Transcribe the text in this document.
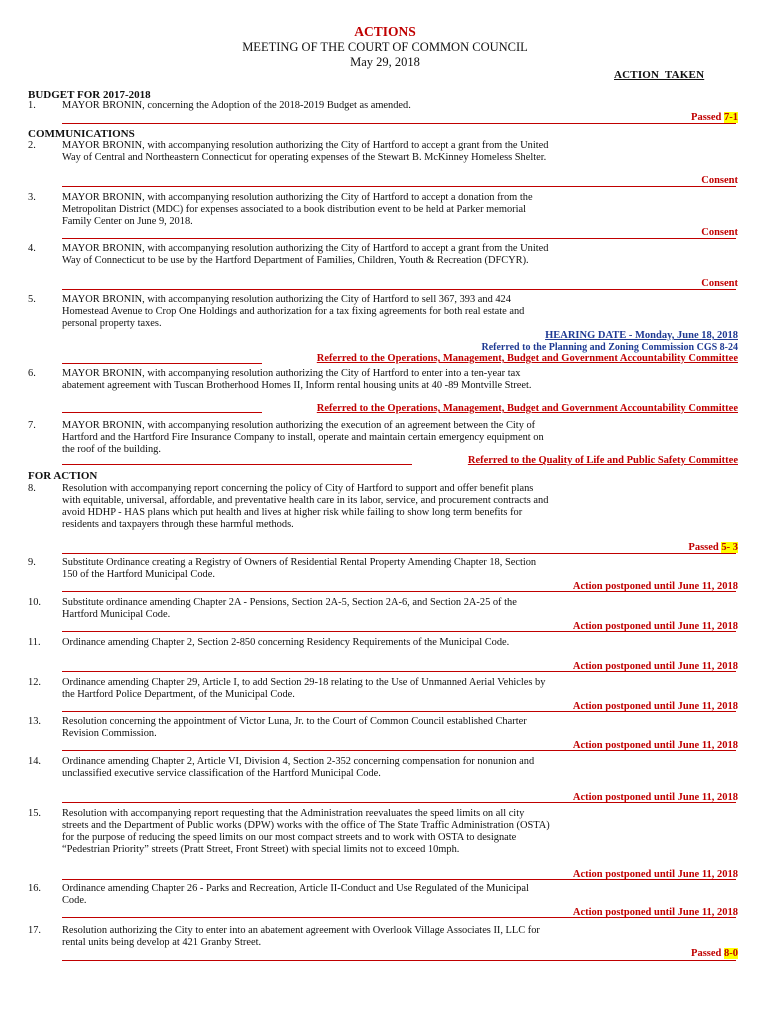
ACTIONS
MEETING OF THE COURT OF COMMON COUNCIL
May 29, 2018
ACTION  TAKEN
BUDGET FOR 2017-2018
1.	MAYOR BRONIN, concerning the Adoption of the 2018-2019 Budget as amended.
Passed 7-1
COMMUNICATIONS
2.	MAYOR BRONIN, with accompanying resolution authorizing the City of Hartford to accept a grant from the United Way of Central and Northeastern Connecticut for operating expenses of the Stewart B. McKinney Homeless Shelter.
Consent
3.	MAYOR BRONIN, with accompanying resolution authorizing the City of Hartford to accept a donation from the Metropolitan District (MDC) for expenses associated to a book distribution event to be held at Parker memorial Family Center on June 9, 2018.
Consent
4.	MAYOR BRONIN, with accompanying resolution authorizing the City of Hartford to accept a grant from the United Way of Connecticut to be use by the Hartford Department of Families, Children, Youth & Recreation (DFCYR).
Consent
5.	MAYOR BRONIN, with accompanying resolution authorizing the City of Hartford to sell 367, 393 and 424 Homestead Avenue to Crop One Holdings and authorization for a tax fixing agreements for both real estate and personal property taxes.
HEARING DATE - Monday, June 18, 2018
Referred to the Planning and Zoning Commission CGS 8-24
Referred to the Operations, Management, Budget and Government Accountability Committee
6.	MAYOR BRONIN, with accompanying resolution authorizing the City of Hartford to enter into a ten-year tax abatement agreement with Tuscan Brotherhood Homes II, Inform rental housing units at 40 -89 Montville Street.
Referred to the Operations, Management, Budget and Government Accountability Committee
7.	MAYOR BRONIN, with accompanying resolution authorizing the execution of an agreement between the City of Hartford and the Hartford Fire Insurance Company to install, operate and maintain certain emergency equipment on the roof of the building.
Referred to the Quality of Life and Public Safety Committee
FOR ACTION
8.	Resolution with accompanying report concerning the policy of City of Hartford to support and offer benefit plans with equitable, universal, affordable, and preventative health care in its labor, service, and procurement contracts and avoid HDHP - HAS plans which put health and lives at higher risk while failing to show long term benefits for residents and taxpayers through these harmful methods.
Passed 5- 3
9.	Substitute Ordinance creating a Registry of Owners of Residential Rental Property Amending Chapter 18, Section 150 of the Hartford Municipal Code.
Action postponed until June 11, 2018
10.	Substitute ordinance amending Chapter 2A - Pensions, Section 2A-5, Section 2A-6, and Section 2A-25 of the Hartford Municipal Code.
Action postponed until June 11, 2018
11.	Ordinance amending Chapter 2, Section 2-850 concerning Residency Requirements of the Municipal Code.
Action postponed until June 11, 2018
12.	Ordinance amending Chapter 29, Article I, to add Section 29-18 relating to the Use of Unmanned Aerial Vehicles by the Hartford Police Department, of the Municipal Code.
Action postponed until June 11, 2018
13.	Resolution concerning the appointment of Victor Luna, Jr. to the Court of Common Council established Charter Revision Commission.
Action postponed until June 11, 2018
14.	Ordinance amending Chapter 2, Article VI, Division 4, Section 2-352 concerning compensation for nonunion and unclassified executive service classification of the Hartford Municipal Code.
Action postponed until June 11, 2018
15.	Resolution with accompanying report requesting that the Administration reevaluates the speed limits on all city streets and the Department of Public works (DPW) works with the office of The State Traffic Administration (OSTA) for the purpose of reducing the speed limits on our most compact streets and to work with OSTA to designate “Pedestrian Priority” streets (Pratt Street, Front Street) with special limits not to exceed 10mph.
Action postponed until June 11, 2018
16.	Ordinance amending Chapter 26 - Parks and Recreation, Article II-Conduct and Use Regulated of the Municipal Code.
Action postponed until June 11, 2018
17.	Resolution authorizing the City to enter into an abatement agreement with Overlook Village Associates II, LLC for rental units being develop at 421 Granby Street.
Passed 8-0
